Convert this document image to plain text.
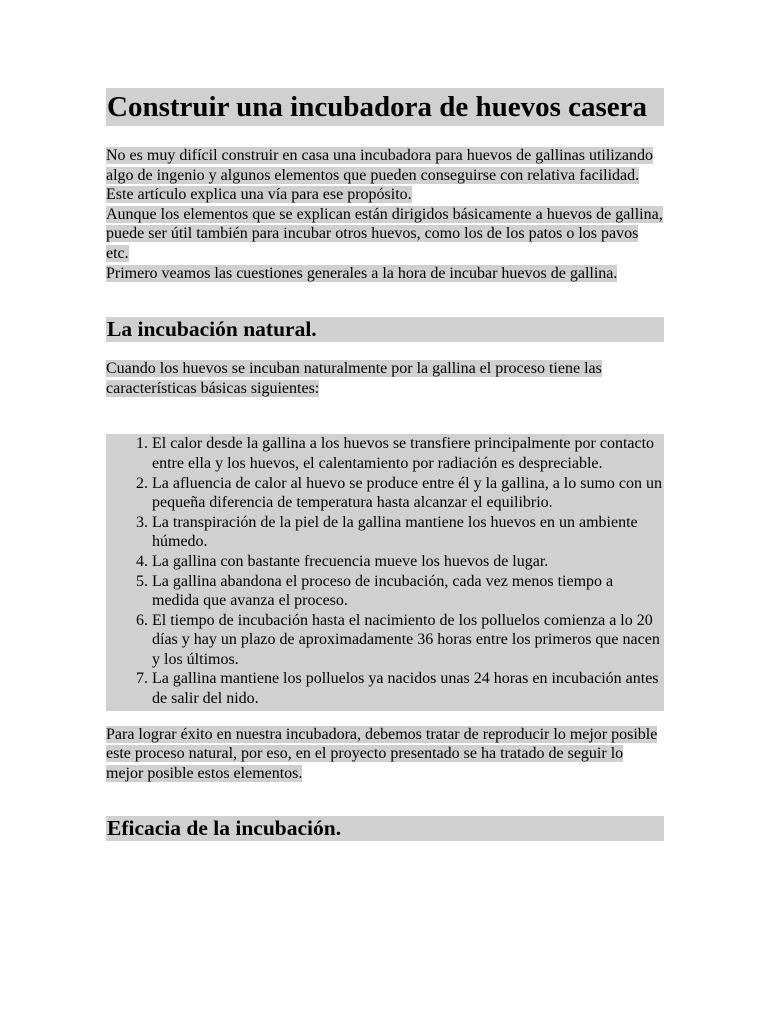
Construir una incubadora de huevos casera

No es muy difícil construir en casa una incubadora para huevos de gallinas utilizando algo de ingenio y algunos elementos que pueden conseguirse con relativa facilidad. Este artículo explica una vía para ese propósito.

Aunque los elementos que se explican están dirigidos básicamente a huevos de gallina, puede ser útil también para incubar otros huevos, como los de los patos o los pavos etc.

Primero veamos las cuestiones generales a la hora de incubar huevos de gallina.

La incubación natural.

Cuando los huevos se incuban naturalmente por la gallina el proceso tiene las características básicas siguientes:

1. El calor desde la gallina a los huevos se transfiere principalmente por contacto entre ella y los huevos, el calentamiento por radiación es despreciable.
2. La afluencia de calor al huevo se produce entre él y la gallina, a lo sumo con un pequeña diferencia de temperatura hasta alcanzar el equilibrio.
3. La transpiración de la piel de la gallina mantiene los huevos en un ambiente húmedo.
4. La gallina con bastante frecuencia mueve los huevos de lugar.
5. La gallina abandona el proceso de incubación, cada vez menos tiempo a medida que avanza el proceso.
6. El tiempo de incubación hasta el nacimiento de los polluelos comienza a lo 20 días y hay un plazo de aproximadamente 36 horas entre los primeros que nacen y los últimos.
7. La gallina mantiene los polluelos ya nacidos unas 24 horas en incubación antes de salir del nido.

Para lograr éxito en nuestra incubadora, debemos tratar de reproducir lo mejor posible este proceso natural, por eso, en el proyecto presentado se ha tratado de seguir lo mejor posible estos elementos.

Eficacia de la incubación.
